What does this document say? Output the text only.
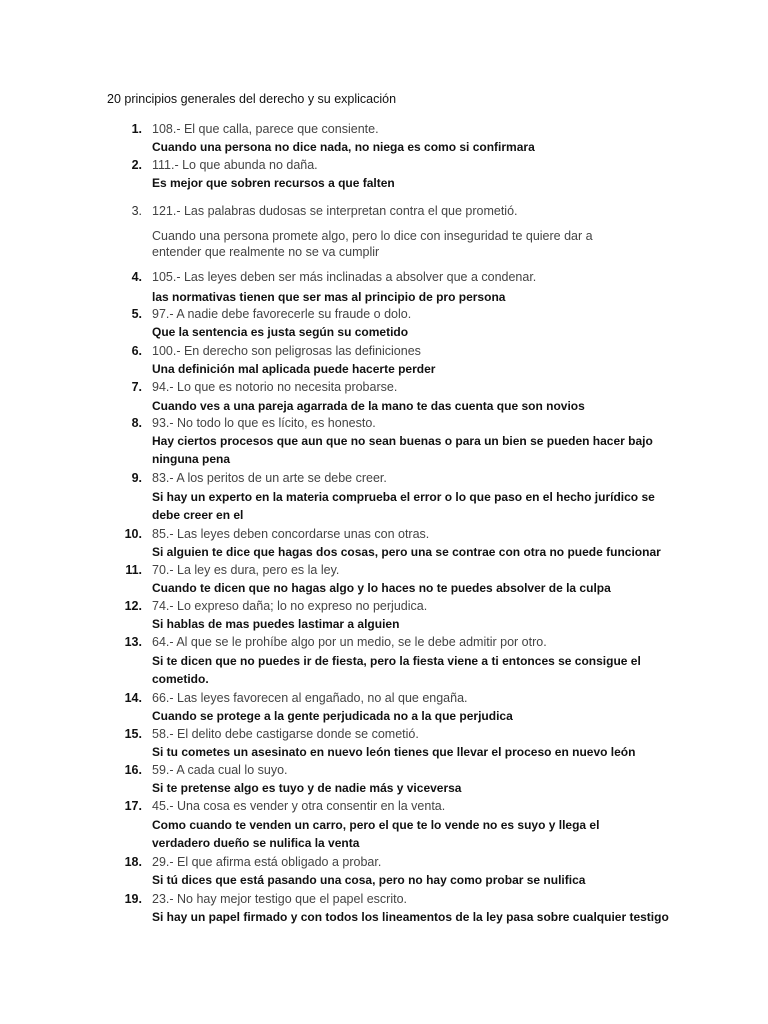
20 principios generales del derecho y su explicación
1. 108.- El que calla, parece que consiente.
Cuando una persona no dice nada, no niega es como si confirmara
2. 111.- Lo que abunda no daña.
Es mejor que sobren recursos a que falten
3. 121.- Las palabras dudosas se interpretan contra el que prometió.
Cuando una persona promete algo, pero lo dice con inseguridad te quiere dar a entender que realmente no se va cumplir
4. 105.- Las leyes deben ser más inclinadas a absolver que a condenar.
las normativas tienen que ser mas al principio de pro persona
5. 97.- A nadie debe favorecerle su fraude o dolo.
Que la sentencia es justa según su cometido
6. 100.- En derecho son peligrosas las definiciones
Una definición mal aplicada puede hacerte perder
7. 94.- Lo que es notorio no necesita probarse.
Cuando ves a una pareja agarrada de la mano te das cuenta que son novios
8. 93.- No todo lo que es lícito, es honesto.
Hay ciertos procesos que aun que no sean buenas o para un bien se pueden hacer bajo ninguna pena
9. 83.- A los peritos de un arte se debe creer.
Si hay un experto en la materia comprueba el error o lo que paso en el hecho jurídico se debe creer en el
10. 85.- Las leyes deben concordarse unas con otras.
Si alguien te dice que hagas dos cosas, pero una se contrae con otra no puede funcionar
11. 70.- La ley es dura, pero es la ley.
Cuando te dicen que no hagas algo y lo haces no te puedes absolver de la culpa
12. 74.- Lo expreso daña; lo no expreso no perjudica.
Si hablas de mas puedes lastimar a alguien
13. 64.- Al que se le prohíbe algo por un medio, se le debe admitir por otro.
Si te dicen que no puedes ir de fiesta, pero la fiesta viene a ti entonces se consigue el cometido.
14. 66.- Las leyes favorecen al engañado, no al que engaña.
Cuando se protege a la gente perjudicada no a la que perjudica
15. 58.- El delito debe castigarse donde se cometió.
Si tu cometes un asesinato en nuevo león tienes que llevar el proceso en nuevo león
16. 59.- A cada cual lo suyo.
Si te pretense algo es tuyo y de nadie más y viceversa
17. 45.- Una cosa es vender y otra consentir en la venta.
Como cuando te venden un carro, pero el que te lo vende no es suyo y llega el verdadero dueño se nulifica la venta
18. 29.- El que afirma está obligado a probar.
Si tú dices que está pasando una cosa, pero no hay como probar se nulifica
19. 23.- No hay mejor testigo que el papel escrito.
Si hay un papel firmado y con todos los lineamentos de la ley pasa sobre cualquier testigo
